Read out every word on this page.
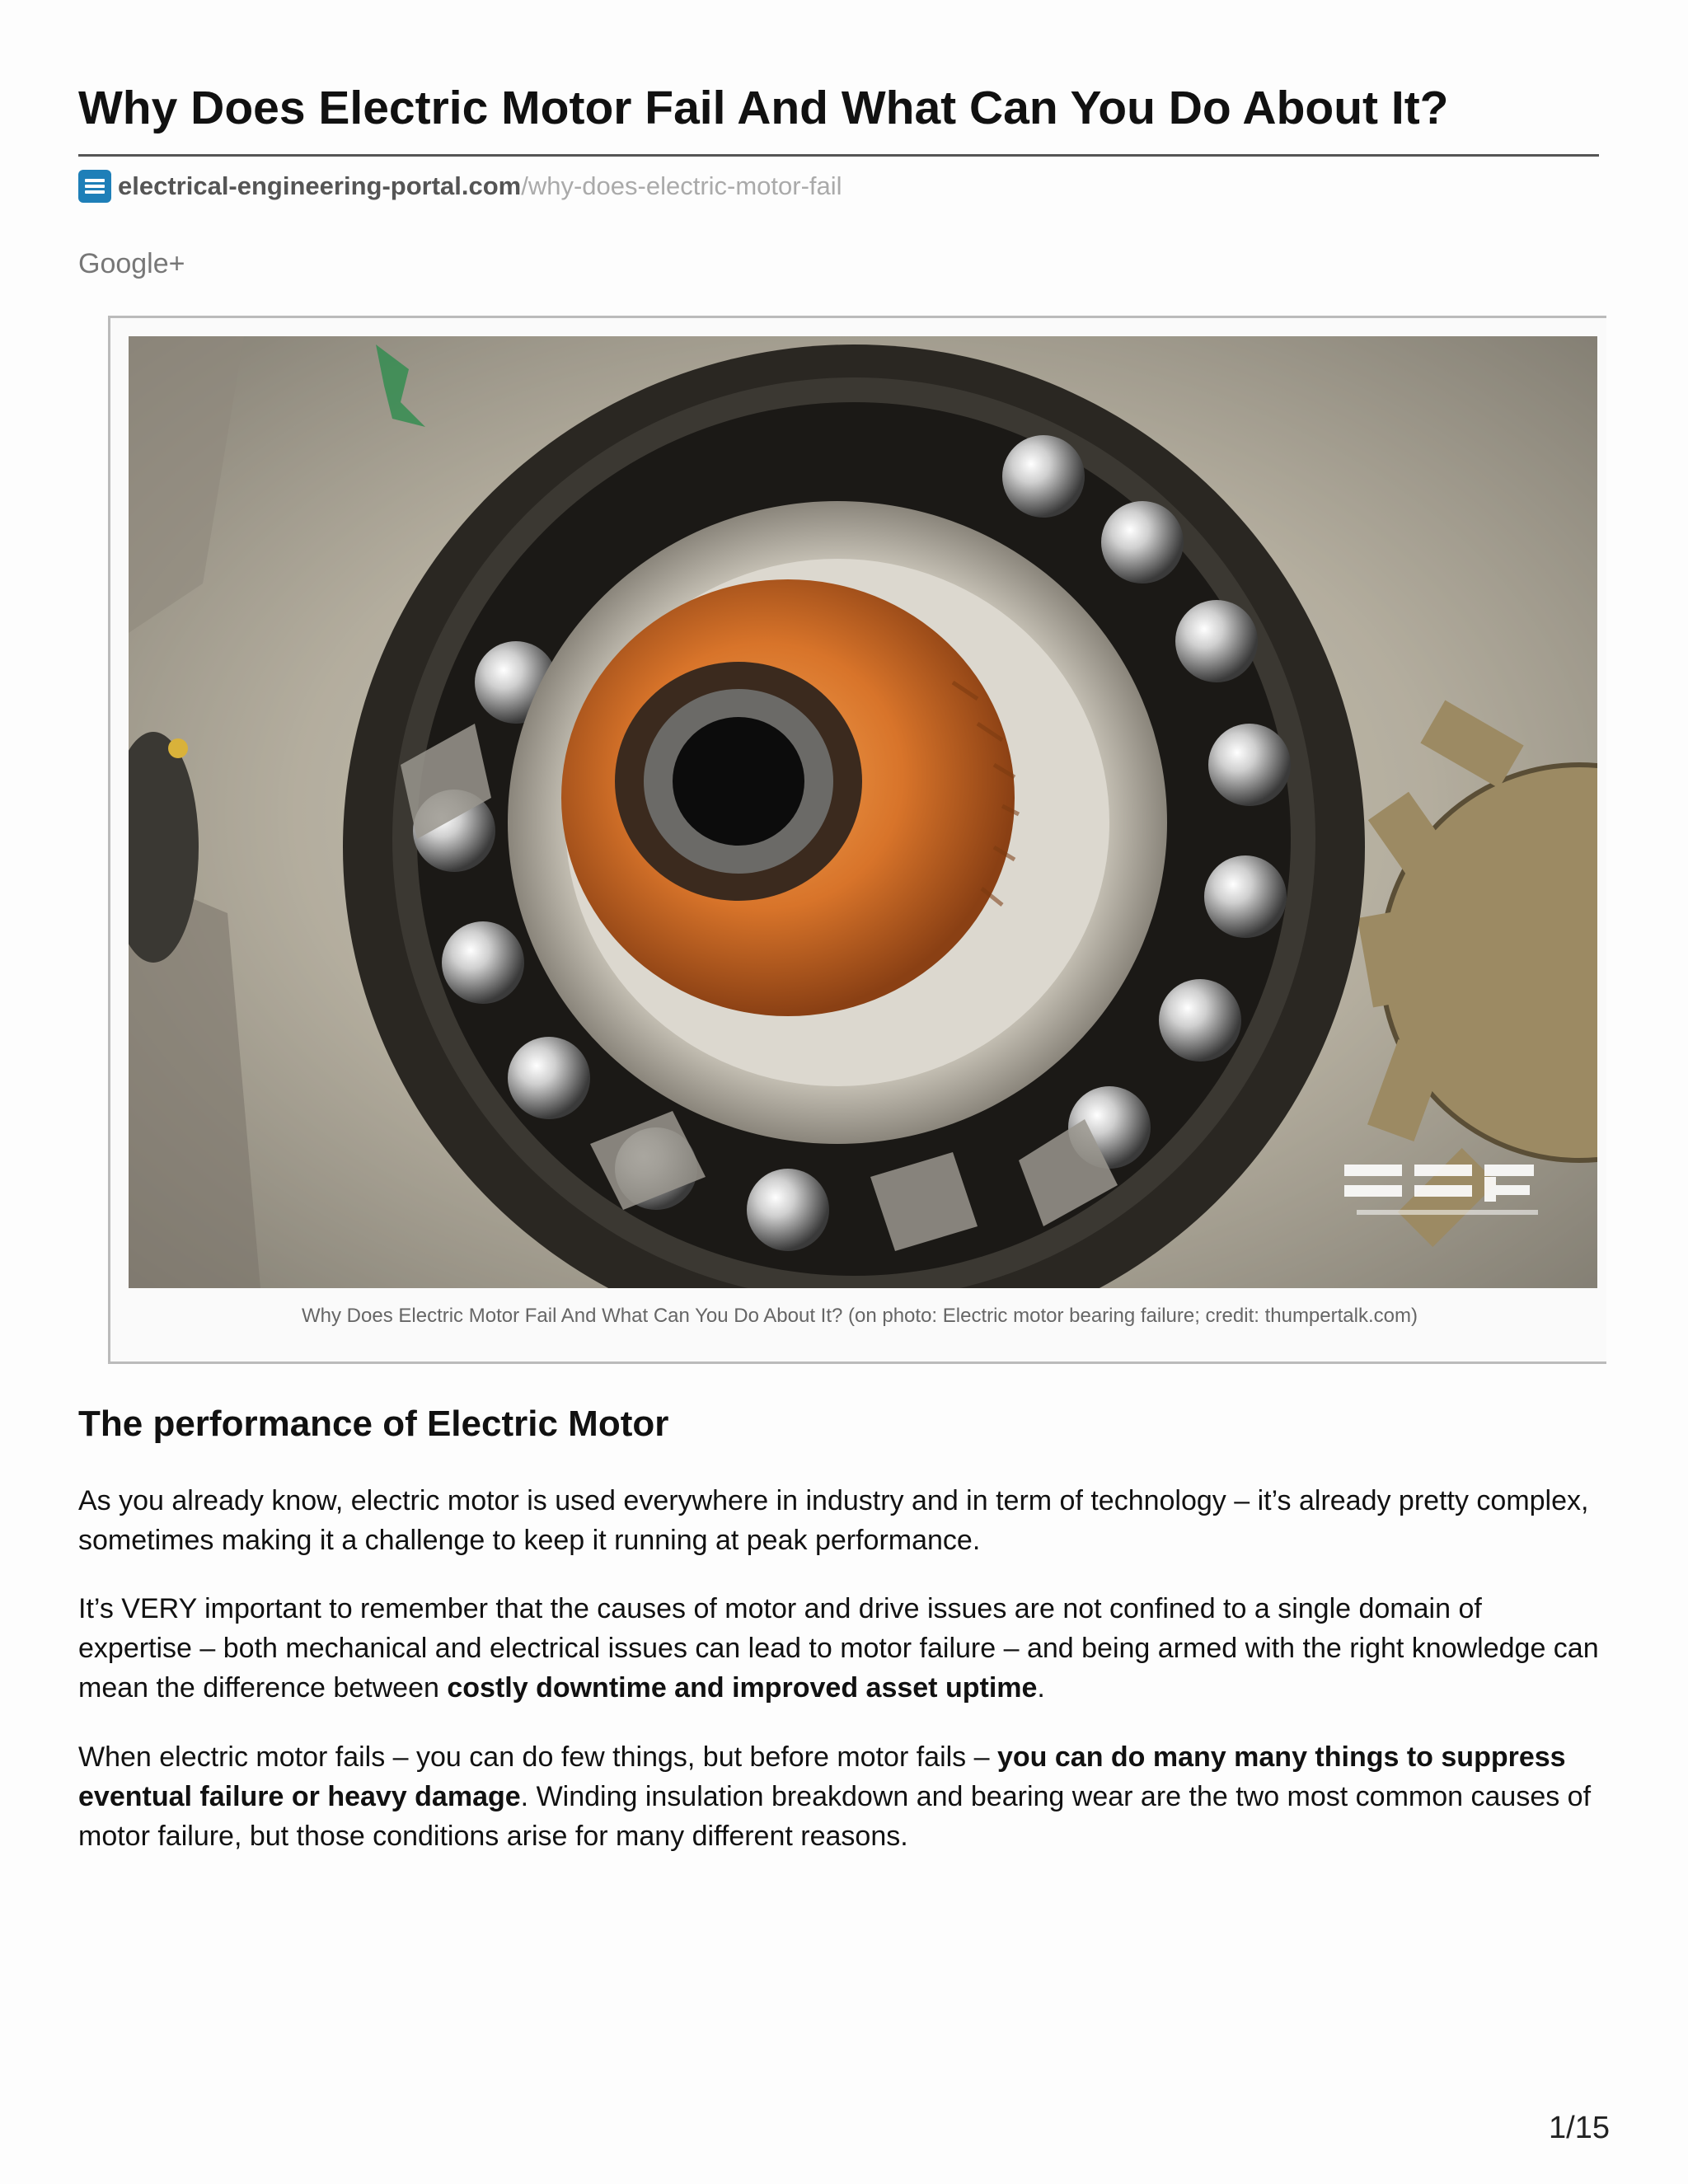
Why Does Electric Motor Fail And What Can You Do About It?
electrical-engineering-portal.com /why-does-electric-motor-fail
Google+
Why Does Electric Motor Fail And What Can You Do About It? (on photo: Electric motor bearing failure; credit: thumpertalk.com)
The performance of Electric Motor

As you already know, electric motor is used everywhere in industry and in term of technology – it’s already pretty complex, sometimes making it a challenge to keep it running at peak performance.

It’s VERY important to remember that the causes of motor and drive issues are not confined to a single domain of expertise – both mechanical and electrical issues can lead to motor failure – and being armed with the right knowledge can mean the difference between costly downtime and improved asset uptime.

When electric motor fails – you can do few things, but before motor fails – you can do many many things to suppress eventual failure or heavy damage. Winding insulation breakdown and bearing wear are the two most common causes of motor failure, but those conditions arise for many different reasons.

1/15
